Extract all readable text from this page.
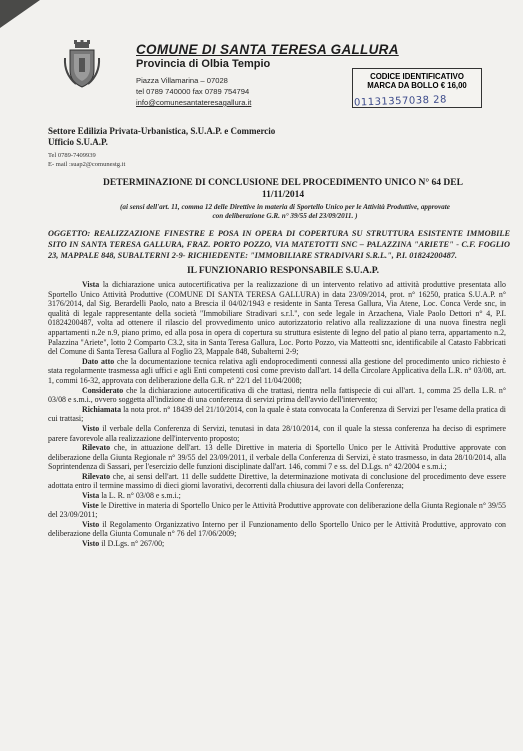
COMUNE DI SANTA TERESA GALLURA
Provincia di Olbia Tempio
Piazza Villamarina – 07028
tel 0789 740000 fax 0789 754794
info@comunesantateresagallura.it
CODICE IDENTIFICATIVO
MARCA DA BOLLO € 16,00
01131357038 28
Settore Edilizia Privata-Urbanistica, S.U.A.P. e Commercio
Ufficio S.U.A.P.
Tel 0789-7409939
E- mail :suap2@comunestg.it
DETERMINAZIONE DI CONCLUSIONE DEL PROCEDIMENTO UNICO N° 64 DEL
11/11/2014
(ai sensi dell'art. 11, comma 12 delle Direttive in materia di Sportello Unico per le Attività Produttive, approvate
con deliberazione G.R. n° 39/55 del 23/09/2011. )
OGGETTO: REALIZZAZIONE FINESTRE E POSA IN OPERA DI COPERTURA SU STRUTTURA ESISTENTE IMMOBILE SITO IN SANTA TERESA GALLURA, FRAZ. PORTO POZZO, VIA MATETOTTI SNC – PALAZZINA "ARIETE" - C.F. FOGLIO 23, MAPPALE 848, SUBALTERNI 2-9- RICHIEDENTE: "IMMOBILIARE STRADIVARI S.R.L.", P.I. 01824200487.
IL FUNZIONARIO RESPONSABILE S.U.A.P.

Vista la dichiarazione unica autocertificativa per la realizzazione di un intervento relativo ad attività produttive presentata allo Sportello Unico Attività Produttive (COMUNE DI SANTA TERESA GALLURA) in data 23/09/2014, prot. n° 16250, pratica S.U.A.P. n° 3176/2014, dal Sig. Berardelli Paolo, nato a Brescia il 04/02/1943 e residente in Santa Teresa Gallura, Via Atene, Loc. Conca Verde snc, in qualità di legale rappresentante della società "Immobiliare Stradivari s.r.l.", con sede legale in Arzachena, Viale Paolo Dettori n° 4, P.I. 01824200487, volta ad ottenere il rilascio del provvedimento unico autorizzatorio relativo alla realizzazione di una nuova finestra negli appartamenti n.2e n.9, piano primo, ed alla posa in opera di copertura su struttura esistente di legno del patio al piano terra, appartamento n.2, Palazzina "Ariete", lotto 2 Comparto C3.2, sita in Santa Teresa Gallura, Loc. Porto Pozzo, via Matteotti snc, identificabile al Catasto Fabbricati del Comune di Santa Teresa Gallura al Foglio 23, Mappale 848, Subalterni 2-9;

Dato atto che la documentazione tecnica relativa agli endoprocedimenti connessi alla gestione del procedimento unico richiesto è stata regolarmente trasmessa agli uffici e agli Enti competenti così come previsto dall'art. 14 della Circolare Applicativa della L.R. n° 03/08, art. 1, commi 16-32, approvata con deliberazione della G.R. n° 22/1 del 11/04/2008;

Considerato che la dichiarazione autocertificativa di che trattasi, rientra nella fattispecie di cui all'art. 1, comma 25 della L.R. n° 03/08 e s.m.i., ovvero soggetta all'indizione di una conferenza di servizi prima dell'avvio dell'intervento;

Richiamata la nota prot. n° 18439 del 21/10/2014, con la quale è stata convocata la Conferenza di Servizi per l'esame della pratica di cui trattasi;

Visto il verbale della Conferenza di Servizi, tenutasi in data 28/10/2014, con il quale la stessa conferenza ha deciso di esprimere parere favorevole alla realizzazione dell'intervento proposto;

Rilevato che, in attuazione dell'art. 13 delle Direttive in materia di Sportello Unico per le Attività Produttive approvate con deliberazione della Giunta Regionale n° 39/55 del 23/09/2011, il verbale della Conferenza di Servizi, è stato trasmesso, in data 28/10/2014, alla Soprintendenza di Sassari, per l'esercizio delle funzioni disciplinate dall'art. 146, commi 7 e ss. del D.Lgs. n° 42/2004 e s.m.i.;

Rilevato che, ai sensi dell'art. 11 delle suddette Direttive, la determinazione motivata di conclusione del procedimento deve essere adottata entro il termine massimo di dieci giorni lavorativi, decorrenti dalla chiusura dei lavori della Conferenza;

Vista la L. R. n° 03/08 e s.m.i.;

Viste le Direttive in materia di Sportello Unico per le Attività Produttive approvate con deliberazione della Giunta Regionale n° 39/55 del 23/09/2011;

Visto il Regolamento Organizzativo Interno per il Funzionamento dello Sportello Unico per le Attività Produttive, approvato con deliberazione della Giunta Comunale n° 76 del 17/06/2009;

Visto il D.Lgs. n° 267/00;
